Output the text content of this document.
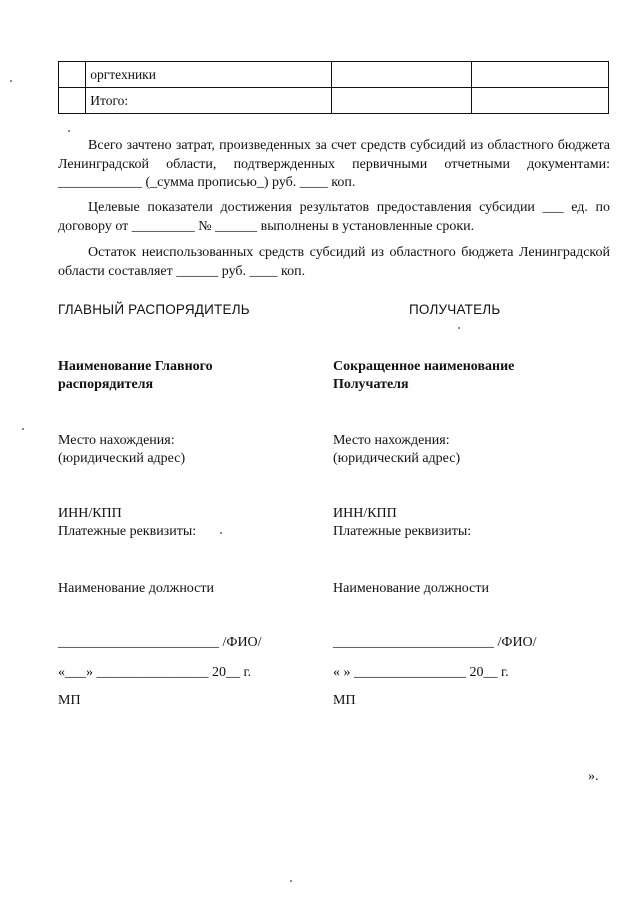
	оргтехники		
	Итого:		
Всего зачтено затрат, произведенных за счет средств субсидий из областного бюджета Ленинградской области, подтвержденных первичными отчетными документами: ____________ (_сумма прописью_) руб. ____ коп.
Целевые показатели достижения результатов предоставления субсидии ___ ед. по договору от _________ № ______ выполнены в установленные сроки.
Остаток неиспользованных средств субсидий из областного бюджета Ленинградской области составляет ______ руб. ____ коп.
ГЛАВНЫЙ РАСПОРЯДИТЕЛЬ
Наименование Главного
распорядителя
Место нахождения:
(юридический адрес)
ИНН/КПП
Платежные реквизиты:
Наименование должности
_______________________ /ФИО/
«___» ________________ 20__ г.
МП
ПОЛУЧАТЕЛЬ
Сокращенное наименование
Получателя
Место нахождения:
(юридический адрес)
ИНН/КПП
Платежные реквизиты:
Наименование должности
_______________________ /ФИО/
« » ________________ 20__ г.
МП
».
